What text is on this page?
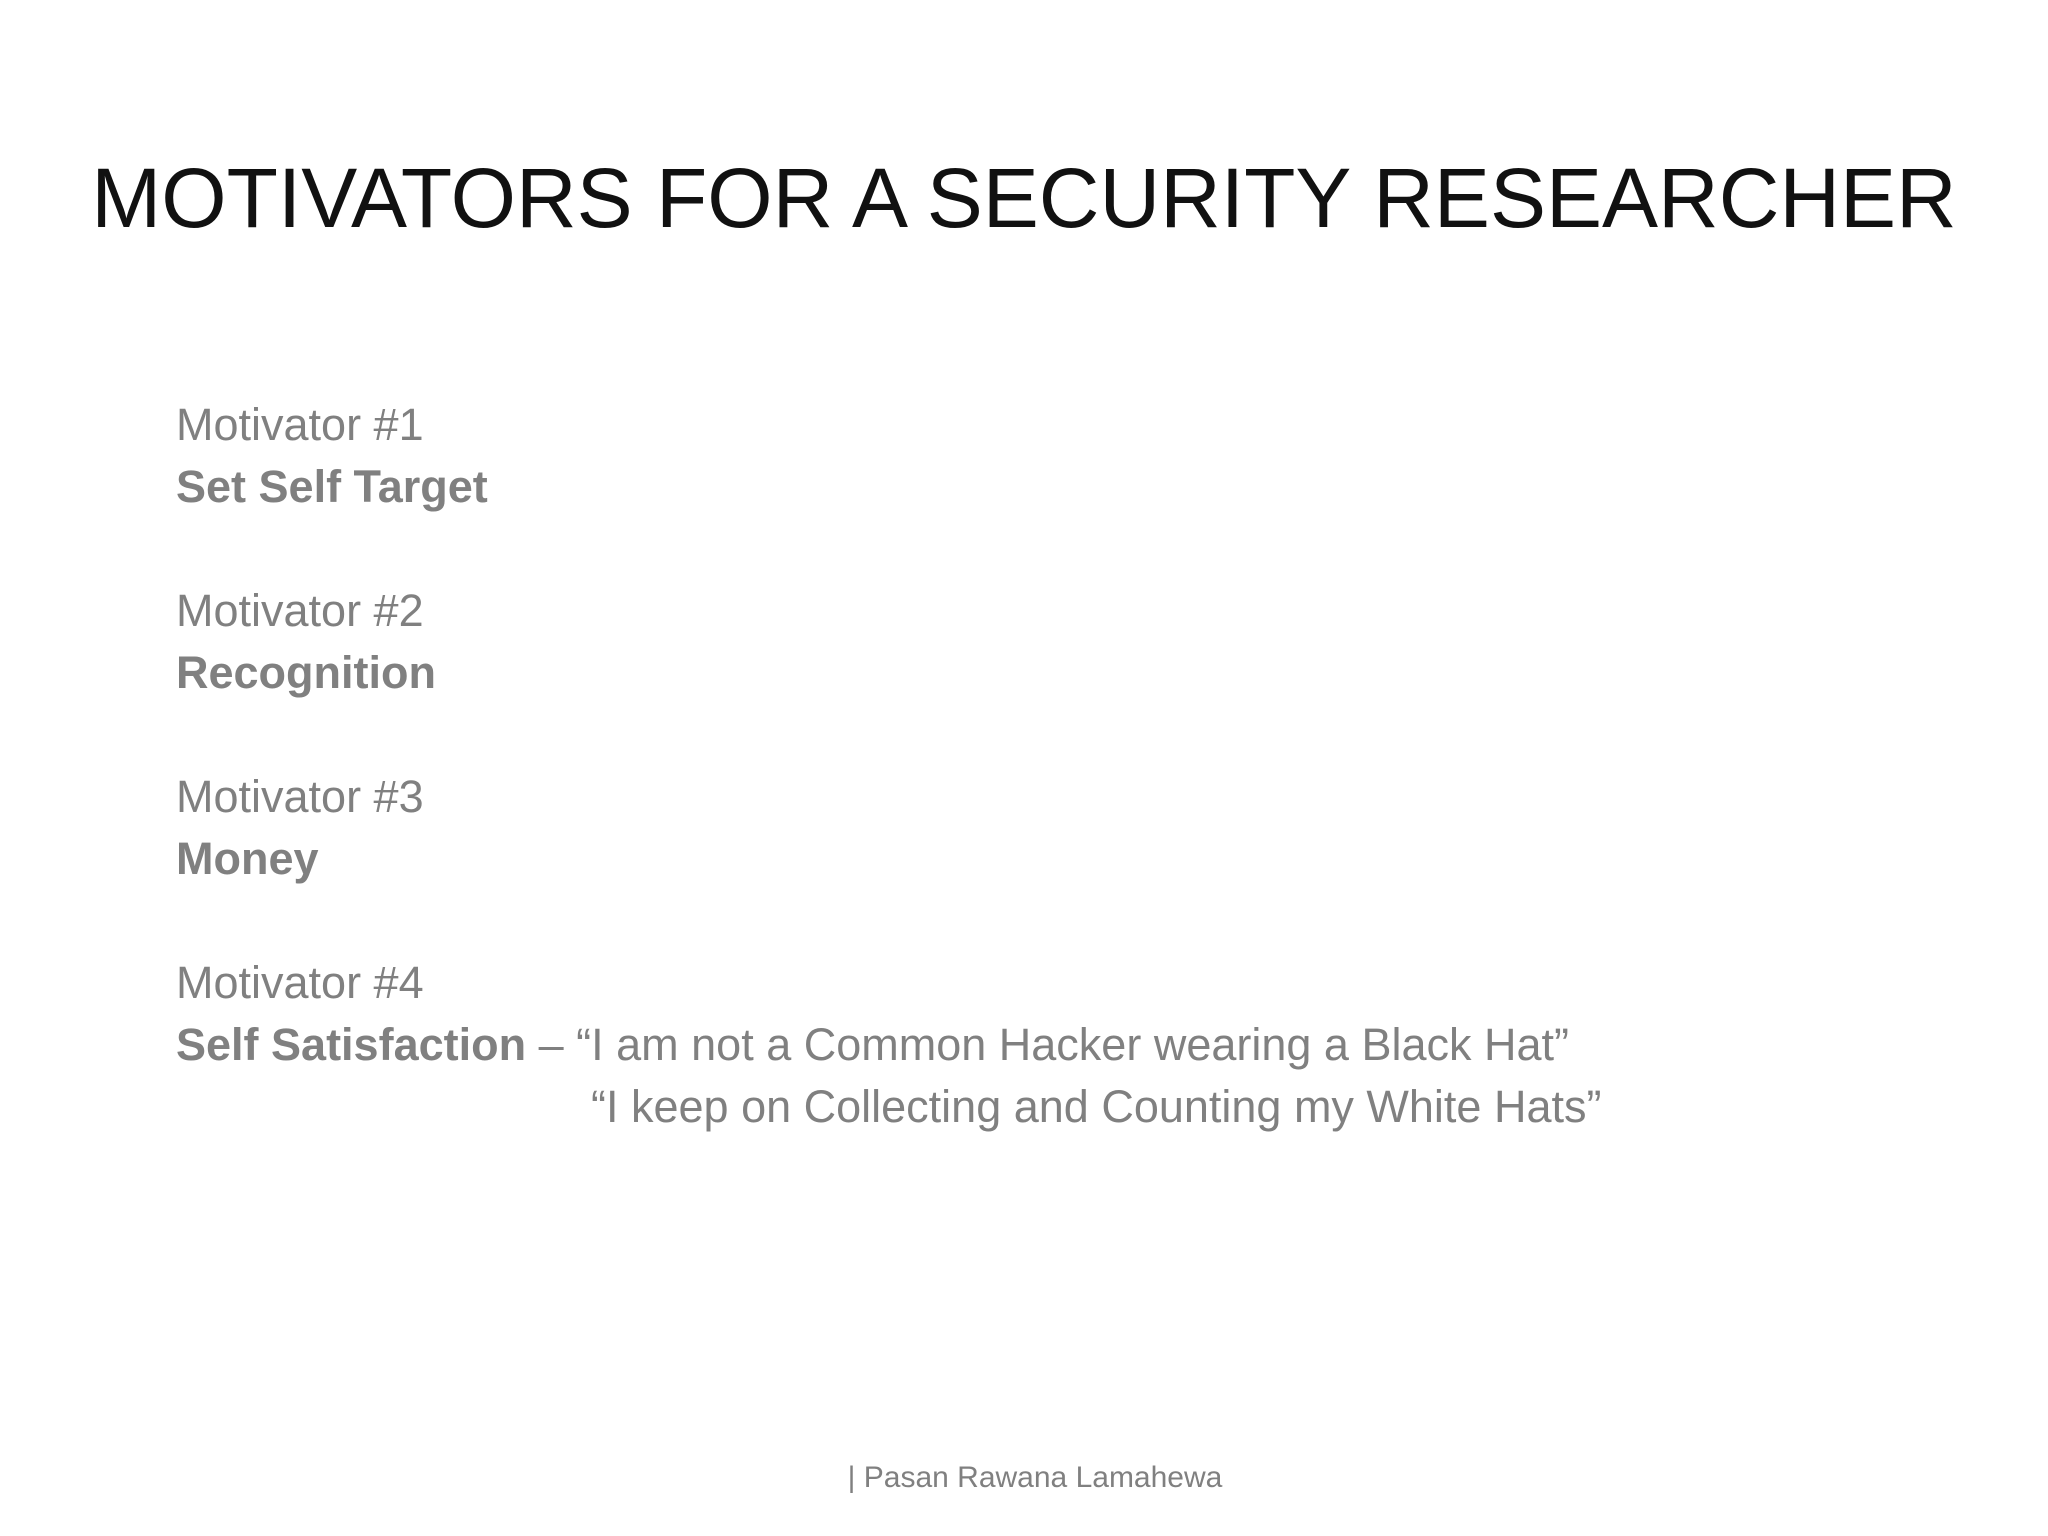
MOTIVATORS FOR A SECURITY RESEARCHER
Motivator #1
Set Self Target
Motivator #2
Recognition
Motivator #3
Money
Motivator #4
Self Satisfaction – “I am not a Common Hacker wearing a Black Hat”
“I keep on Collecting and Counting my White Hats”
| Pasan Rawana Lamahewa
